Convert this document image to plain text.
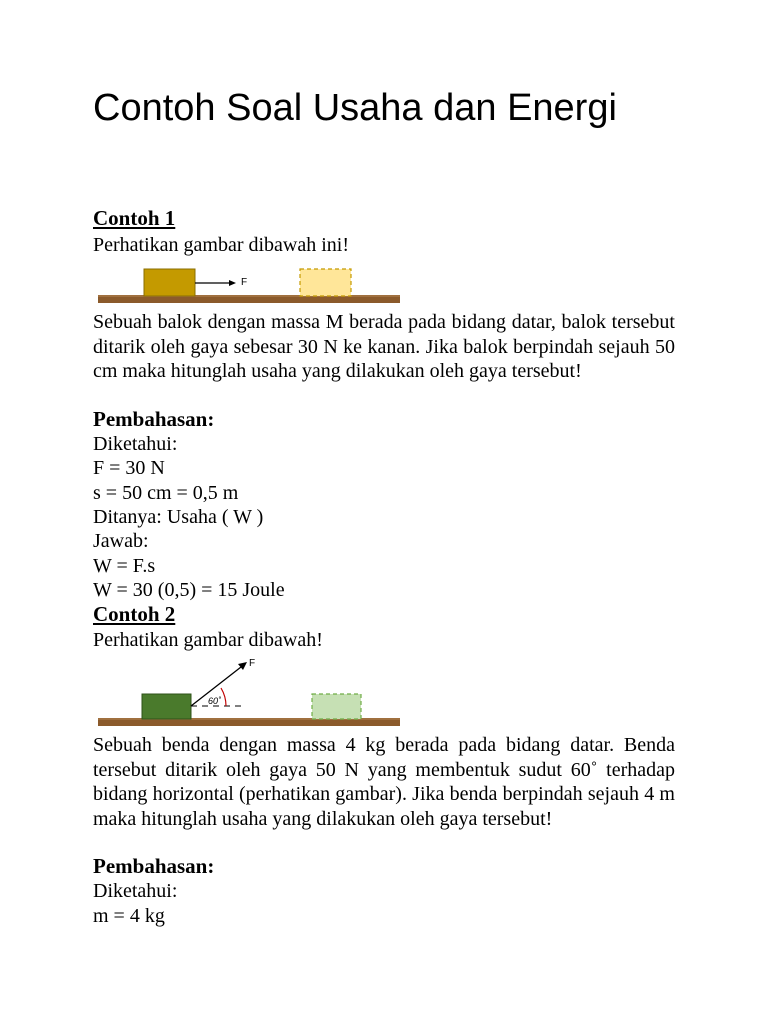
Contoh Soal Usaha dan Energi
Contoh 1
Perhatikan gambar dibawah ini!
F

Sebuah balok dengan massa M berada pada bidang datar, balok tersebut ditarik oleh gaya sebesar 30 N ke kanan. Jika balok berpindah sejauh 50 cm maka hitunglah usaha yang dilakukan oleh gaya tersebut!

Pembahasan:
Diketahui:
F = 30 N
s = 50 cm = 0,5 m
Ditanya: Usaha ( W )
Jawab:
W = F.s
W = 30 (0,5) = 15 Joule
Contoh 2
Perhatikan gambar dibawah!
F
60˚

Sebuah benda dengan massa 4 kg berada pada bidang datar. Benda tersebut ditarik oleh gaya 50 N yang membentuk sudut 60˚ terhadap bidang horizontal (perhatikan gambar). Jika benda berpindah sejauh 4 m maka hitunglah usaha yang dilakukan oleh gaya tersebut!

Pembahasan:
Diketahui:
m = 4 kg
